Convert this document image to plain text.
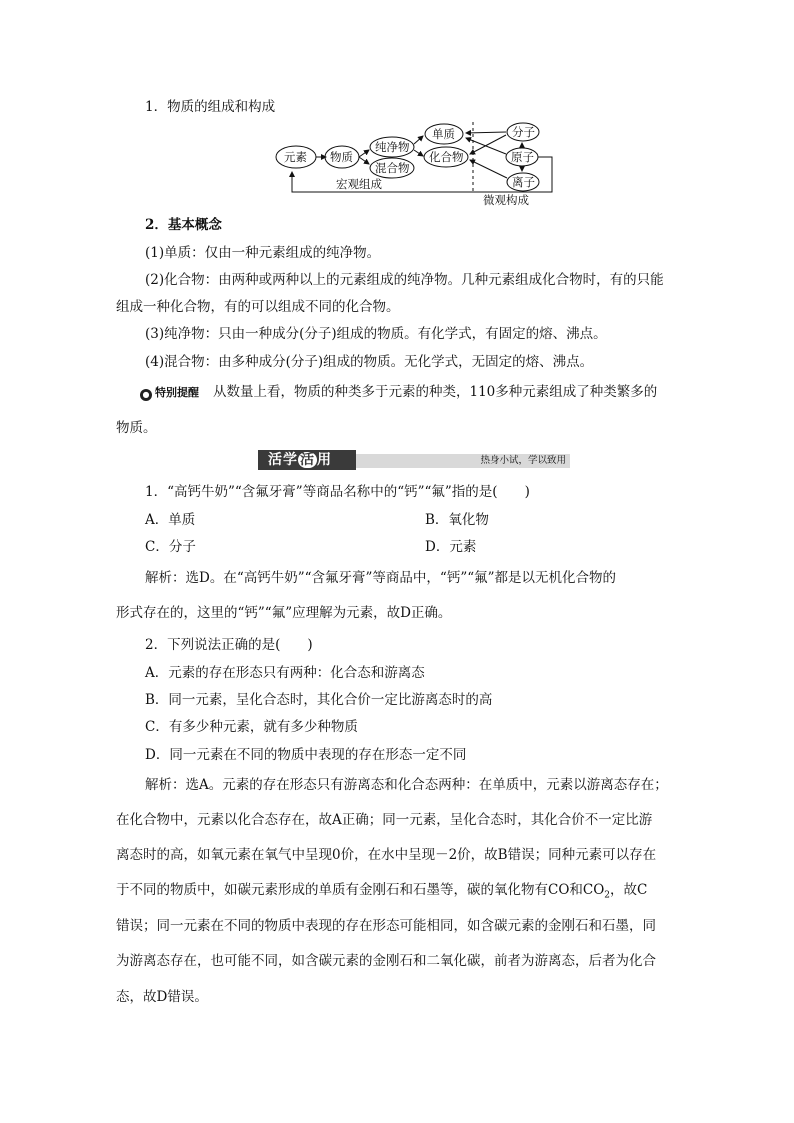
1．物质的组成和构成
元素 物质
纯净物
混合物
单质
化合物
分子
原子
离子
宏观组成
微观构成
2．基本概念
(1)单质：仅由一种元素组成的纯净物。
(2)化合物：由两种或两种以上的元素组成的纯净物。几种元素组成化合物时，有的只能
组成一种化合物，有的可以组成不同的化合物。
(3)纯净物：只由一种成分(分子)组成的物质。有化学式，有固定的熔、沸点。
(4)混合物：由多种成分(分子)组成的物质。无化学式，无固定的熔、沸点。
● 特别提醒 从数量上看，物质的种类多于元素的种类，110多种元素组成了种类繁多的
物质。
活学 活 用	热身小试，学以致用
1．“高钙牛奶”“含氟牙膏”等商品名称中的“钙”“氟”指的是(　　)
A．单质	B．氧化物
C．分子	D．元素
解析：选D。在“高钙牛奶”“含氟牙膏”等商品中，“钙”“氟”都是以无机化合物的
形式存在的，这里的“钙”“氟”应理解为元素，故D正确。
2．下列说法正确的是(　　)
A．元素的存在形态只有两种：化合态和游离态
B．同一元素，呈化合态时，其化合价一定比游离态时的高
C．有多少种元素，就有多少种物质
D．同一元素在不同的物质中表现的存在形态一定不同
解析：选A。元素的存在形态只有游离态和化合态两种：在单质中，元素以游离态存在；
在化合物中，元素以化合态存在，故A正确；同一元素，呈化合态时，其化合价不一定比游
离态时的高，如氧元素在氧气中呈现0价，在水中呈现－2价，故B错误；同种元素可以存在
于不同的物质中，如碳元素形成的单质有金刚石和石墨等，碳的氧化物有CO和$CO_2$，故C
错误；同一元素在不同的物质中表现的存在形态可能相同，如含碳元素的金刚石和石墨，同
为游离态存在，也可能不同，如含碳元素的金刚石和二氧化碳，前者为游离态，后者为化合
态，故D错误。
